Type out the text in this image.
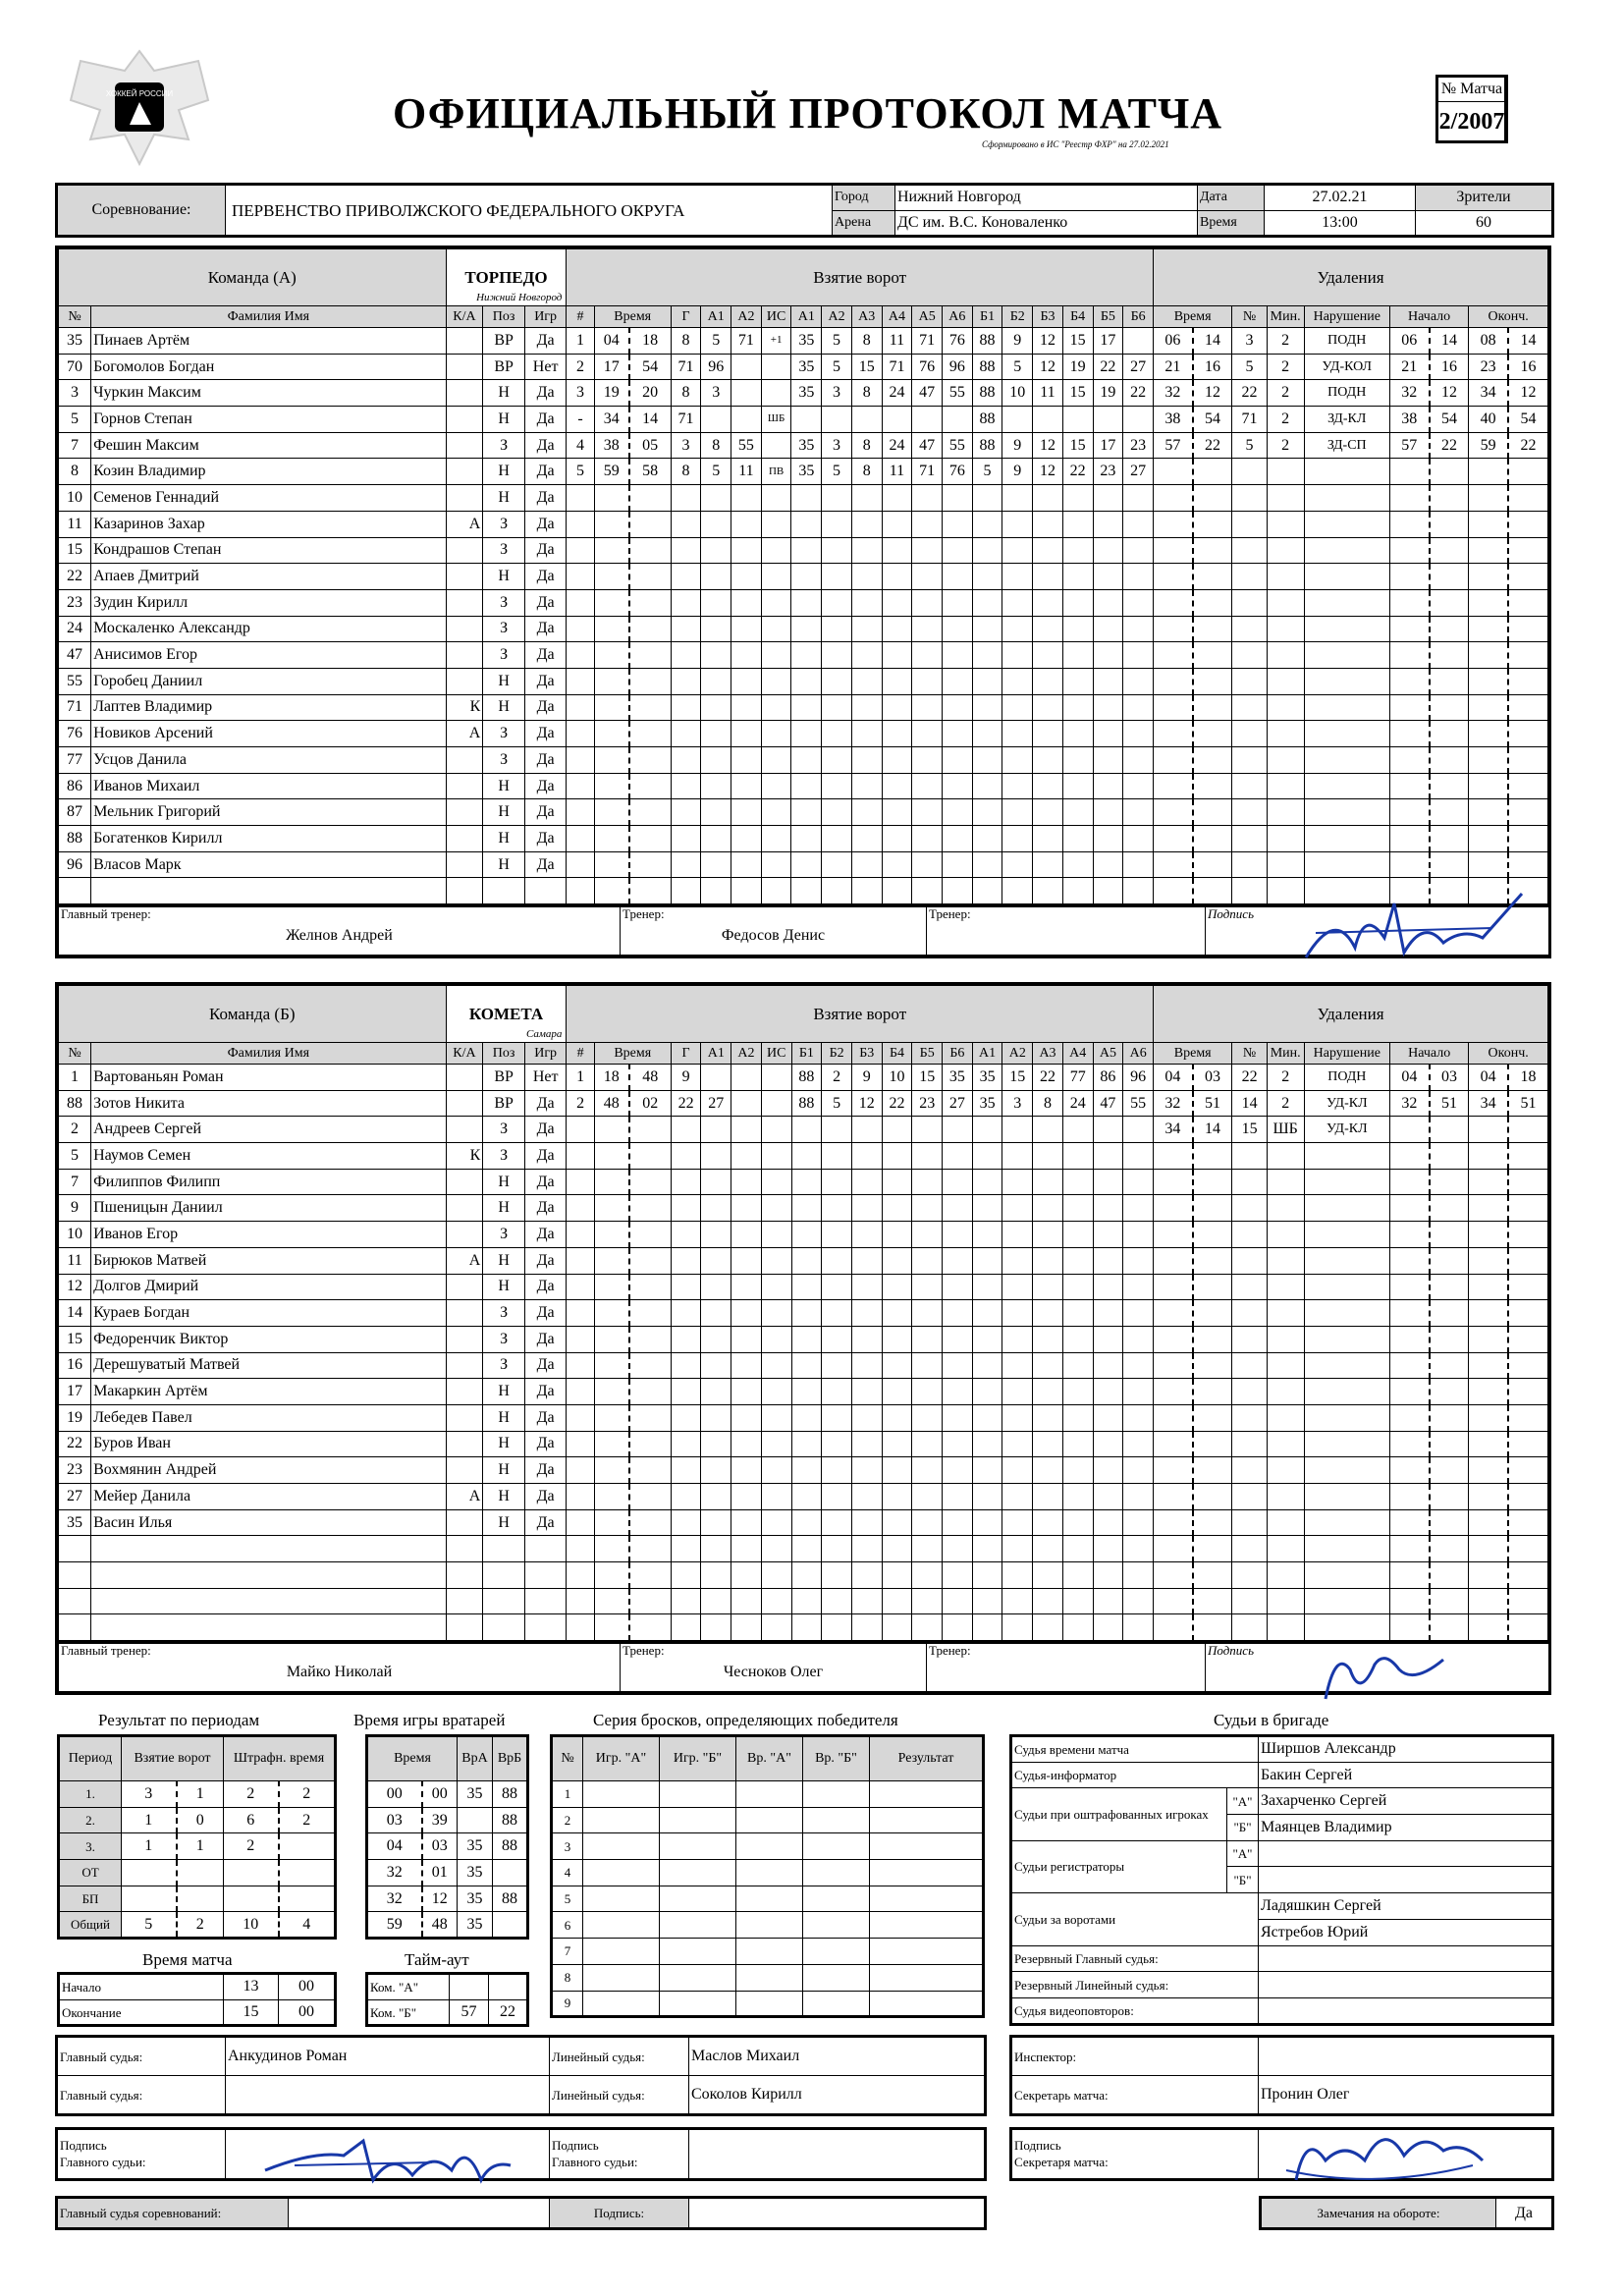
ХОККЕЙ РОССИИ	ОФИЦИАЛЬНЫЙ ПРОТОКОЛ МАТЧА
Сформировано в ИС "Реестр ФХР" на 27.02.2021
№ Матча
2/2007
Соревнование:	ПЕРВЕНСТВО ПРИВОЛЖСКОГО ФЕДЕРАЛЬНОГО ОКРУГА	Город	Нижний Новгород	Дата	27.02.21	Зрители
		Арена	ДС им. В.С. Коноваленко	Время	13:00	60
Команда (А)		ТОРПЕДО
Нижний Новгород			Взятие ворот																			Удаления								
№	Фамилия Имя	К/А	Поз	Игр	#	Время		Г	А1	А2	ИС	А1	А2	А3	А4	А5	А6	Б1	Б2	Б3	Б4	Б5	Б6	Время		№	Мин.	Нарушение	Начало		Оконч.	
35	Пинаев Артём		ВР	Да	1	04	18	8	5	71	+1	35	5	8	11	71	76	88	9	12	15	17		06	14	3	2	ПОДН	06	14	08	14
70	Богомолов Богдан		ВР	Нет	2	17	54	71	96			35	5	15	71	76	96	88	5	12	19	22	27	21	16	5	2	УД-КОЛ	21	16	23	16
3	Чуркин Максим		Н	Да	3	19	20	8	3			35	3	8	24	47	55	88	10	11	15	19	22	32	12	22	2	ПОДН	32	12	34	12
5	Горнов Степан		Н	Да	-	34	14	71			ШБ							88						38	54	71	2	ЗД-КЛ	38	54	40	54
7	Фешин Максим		З	Да	4	38	05	3	8	55		35	3	8	24	47	55	88	9	12	15	17	23	57	22	5	2	ЗД-СП	57	22	59	22
8	Козин Владимир		Н	Да	5	59	58	8	5	11	ПВ	35	5	8	11	71	76	5	9	12	22	23	27									
10	Семенов Геннадий		Н	Да																												
11	Казаринов Захар	А	З	Да																												
15	Кондрашов Степан		З	Да																												
22	Апаев Дмитрий		Н	Да																												
23	Зудин Кирилл		З	Да																												
24	Москаленко Александр		З	Да																												
47	Анисимов Егор		З	Да																												
55	Горобец Даниил		Н	Да																												
71	Лаптев Владимир	К	Н	Да																												
76	Новиков Арсений	А	З	Да																												
77	Усцов Данила		З	Да																												
86	Иванов Михаил		Н	Да																												
87	Мельник Григорий		Н	Да																												
88	Богатенков Кирилл		Н	Да																												
96	Власов Марк		Н	Да																												

Главный тренер:
Желнов Андрей

Тренер:
Федосов Денис

Тренер:	Подпись
Команда (Б)		КОМЕТА
Самара			Взятие ворот																			Удаления								
№	Фамилия Имя	К/А	Поз	Игр	#	Время		Г	А1	А2	ИС	Б1	Б2	Б3	Б4	Б5	Б6	А1	А2	А3	А4	А5	А6	Время		№	Мин.	Нарушение	Начало		Оконч.	
1	Вартованьян Роман		ВР	Нет	1	18	48	9				88	2	9	10	15	35	35	15	22	77	86	96	04	03	22	2	ПОДН	04	03	04	18
88	Зотов Никита		ВР	Да	2	48	02	22	27			88	5	12	22	23	27	35	3	8	24	47	55	32	51	14	2	УД-КЛ	32	51	34	51
2	Андреев Сергей		З	Да																				34	14	15	ШБ	УД-КЛ				
5	Наумов Семен	К	З	Да																												
7	Филиппов Филипп		Н	Да																												
9	Пшеницын Даниил		Н	Да																												
10	Иванов Егор		З	Да																												
11	Бирюков Матвей	А	Н	Да																												
12	Долгов Дмирий		Н	Да																												
14	Кураев Богдан		З	Да																												
15	Федоренчик Виктор		З	Да																												
16	Дерешуватый Матвей		З	Да																												
17	Макаркин Артём		Н	Да																												
19	Лебедев Павел		Н	Да																												
22	Буров Иван		Н	Да																												
23	Вохмянин Андрей		Н	Да																												
27	Мейер Данила	А	Н	Да																												
35	Васин Илья		Н	Да																												

Главный тренер:
Майко Николай

Тренер:
Чесноков Олег

Тренер:	Подпись
Результат по периодам
Период	Взятие ворот		Штрафн. время	
1.	3	1	2	2
2.	1	0	6	2
3.	1	1	2	
ОТ				
БП				
Общий	5	2	10	4
Время игры вратарей
Время		ВрА	ВрБ
00	00	35	88
03	39		88
04	03	35	88
32	01	35	
32	12	35	88
59	48	35	
Время матча
Начало	13	00
Окончание	15	00
Тайм-аут
Ком. "А"		
Ком. "Б"	57	22
Серия бросков, определяющих победителя
№	Игр. "А"	Игр. "Б"	Вр. "А"	Вр. "Б"	Результат
1					
2					
3					
4					
5					
6					
7					
8					
9					
Судьи в бригаде
Судья времени матча		Ширшов Александр
Судья-информатор		Бакин Сергей
Судьи при оштрафованных игроках	"А"	Захарченко Сергей
	"Б"	Маянцев Владимир
Судьи регистраторы	"А"	
	"Б"	
Судьи за воротами		Ладяшкин Сергей
		Ястребов Юрий
Резервный Главный судья:		
Резервный Линейный судья:		
Судья видеоповторов:		
Главный судья:	Анкудинов Роман	Линейный судья:	Маслов Михаил
Главный судья:		Линейный судья:	Соколов Кирилл
Инспектор:	
Секретарь матча:	Пронин Олег
Подпись
Главного судьи:		Подпись
Главного судьи:	
Подпись
Секретаря матча:	
Главный судья соревнований:		Подпись:		Замечания на обороте:	Да
